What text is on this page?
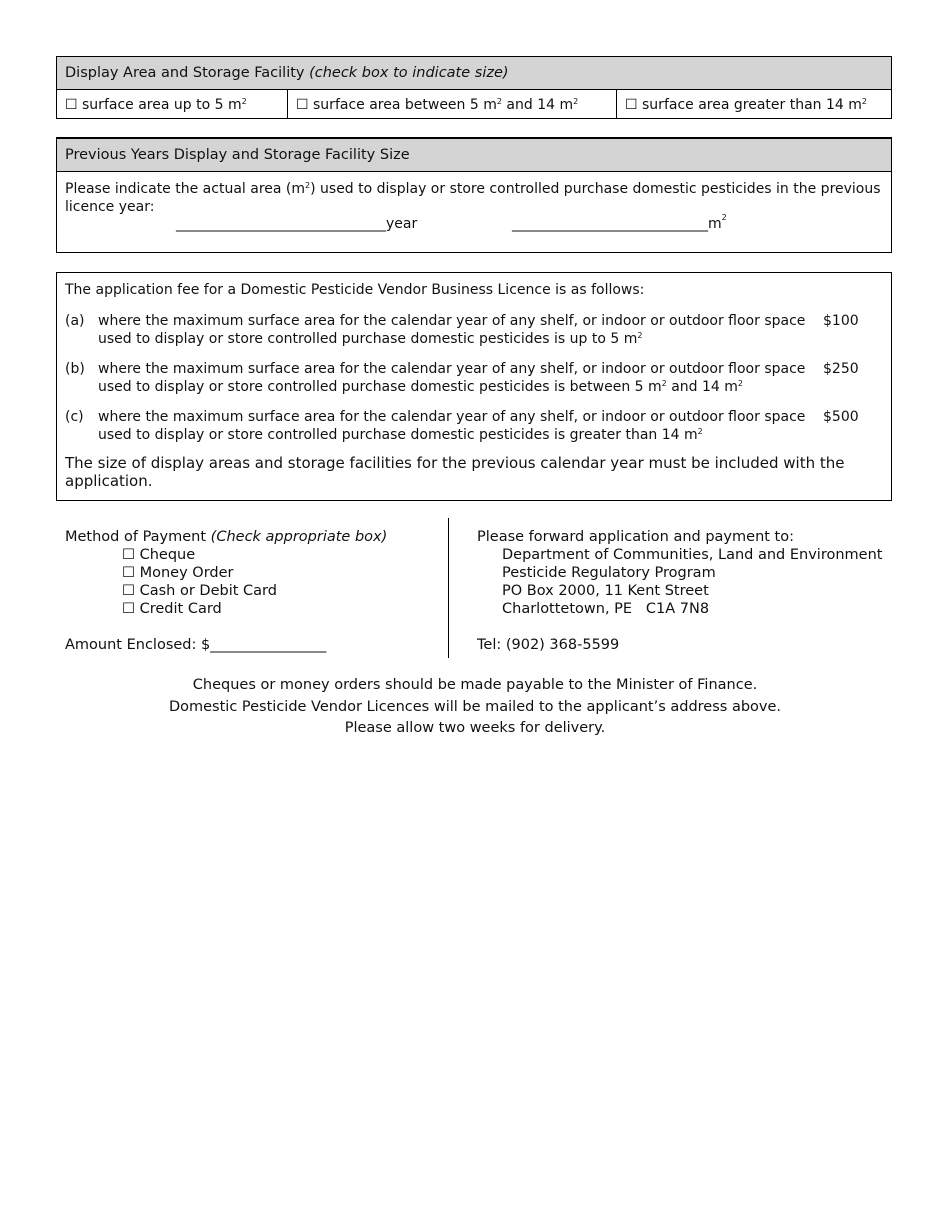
Display Area and Storage Facility (check box to indicate size)
☐ surface area up to 5 $m^2$	☐ surface area between 5 $m^2$ and 14 $m^2$	☐ surface area greater than 14 $m^2$
Previous Years Display and Storage Facility Size
Please indicate the actual area $(m^2)$ used to display or store controlled purchase domestic pesticides in the previous licence year:
______________________________year	$\_\_\_\_\_\_\_\_\_\_\_\_\_\_\_\_\_\_\_\_\_\_\_\_\_\_\_\_m^2$
The application fee for a Domestic Pesticide Vendor Business Licence is as follows:
(a) where the maximum surface area for the calendar year of any shelf, or indoor or outdoor floor space
used to display or store controlled purchase domestic pesticides is up to 5 $m^2$
$100
(b) where the maximum surface area for the calendar year of any shelf, or indoor or outdoor floor space
used to display or store controlled purchase domestic pesticides is between 5 $m^2$ and 14 $m^2$
$250
(c)	where the maximum surface area for the calendar year of any shelf, or indoor or outdoor floor space
used to display or store controlled purchase domestic pesticides is greater than 14 $m^2$
$500
The size of display areas and storage facilities for the previous calendar year must be included with the application.
Method of Payment (Check appropriate box)
☐ Cheque
☐ Money Order
☐ Cash or Debit Card
☐ Credit Card
Amount Enclosed: $________________
Please forward application and payment to:
Department of Communities, Land and Environment
Pesticide Regulatory Program
PO Box 2000, 11 Kent Street
Charlottetown, PE   C1A 7N8
Tel: (902) 368-5599
Cheques or money orders should be made payable to the Minister of Finance.
Domestic Pesticide Vendor Licences will be mailed to the applicant’s address above.
Please allow two weeks for delivery.
